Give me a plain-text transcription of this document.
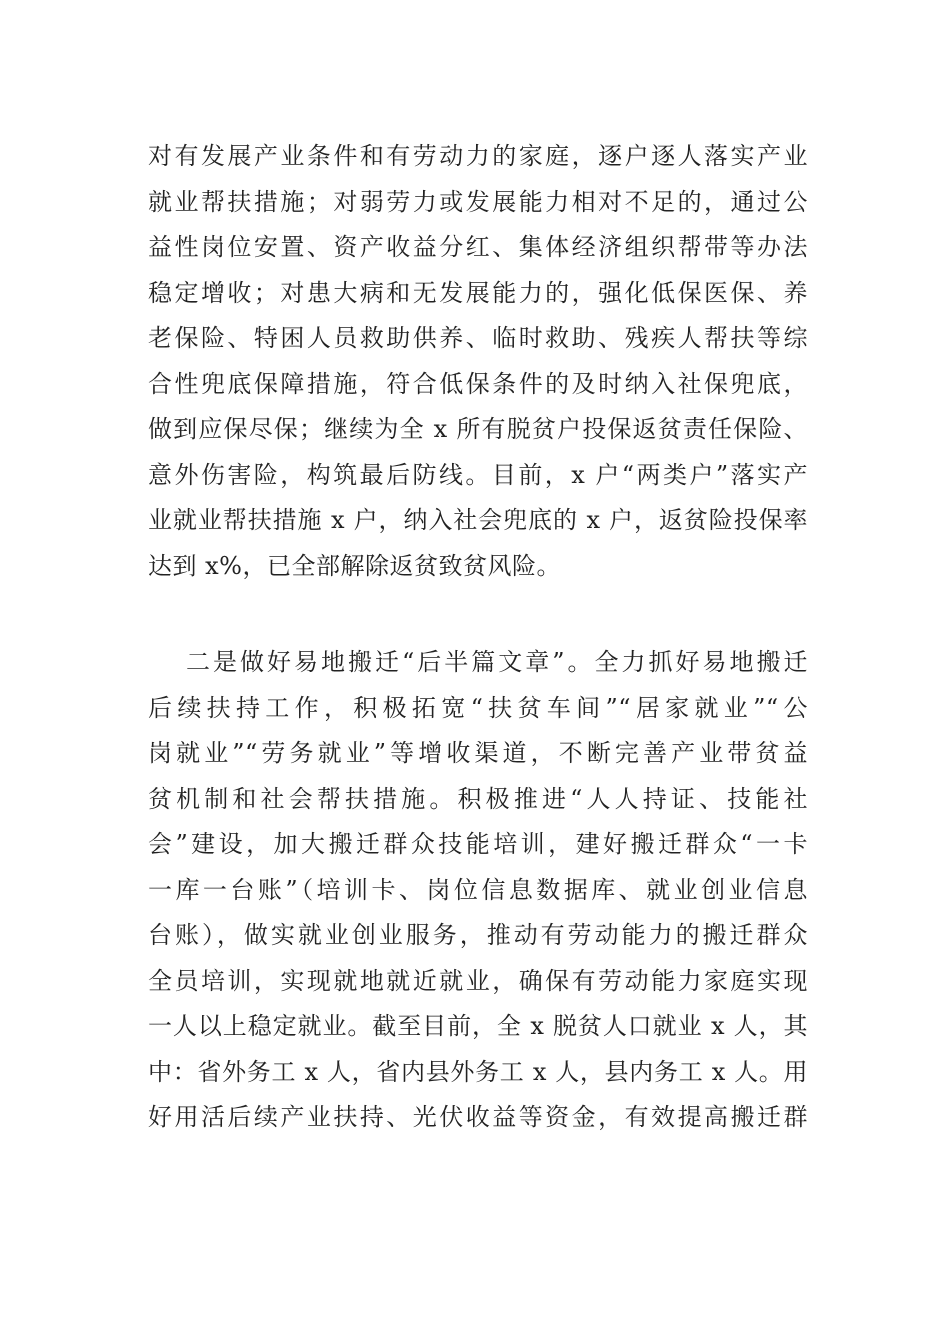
对有发展产业条件和有劳动力的家庭，逐户逐人落实产业
就业帮扶措施；对弱劳力或发展能力相对不足的，通过公
益性岗位安置、资产收益分红、集体经济组织帮带等办法
稳定增收；对患大病和无发展能力的，强化低保医保、养
老保险、特困人员救助供养、临时救助、残疾人帮扶等综
合性兜底保障措施，符合低保条件的及时纳入社保兜底，
做到应保尽保；继续为全 x 所有脱贫户投保返贫责任保险、
意外伤害险，构筑最后防线。目前，x 户“两类户”落实产
业就业帮扶措施 x 户，纳入社会兜底的 x 户，返贫险投保率
达到 x%，已全部解除返贫致贫风险。
二是做好易地搬迁“后半篇文章”。全力抓好易地搬迁
后续扶持工作，积极拓宽“扶贫车间”“居家就业”“公
岗就业”“劳务就业”等增收渠道，不断完善产业带贫益
贫机制和社会帮扶措施。积极推进“人人持证、技能社
会”建设，加大搬迁群众技能培训，建好搬迁群众“一卡
一库一台账”（培训卡、岗位信息数据库、就业创业信息
台账），做实就业创业服务，推动有劳动能力的搬迁群众
全员培训，实现就地就近就业，确保有劳动能力家庭实现
一人以上稳定就业。截至目前，全 x 脱贫人口就业 x 人，其
中：省外务工 x 人，省内县外务工 x 人，县内务工 x 人。用
好用活后续产业扶持、光伏收益等资金，有效提高搬迁群
